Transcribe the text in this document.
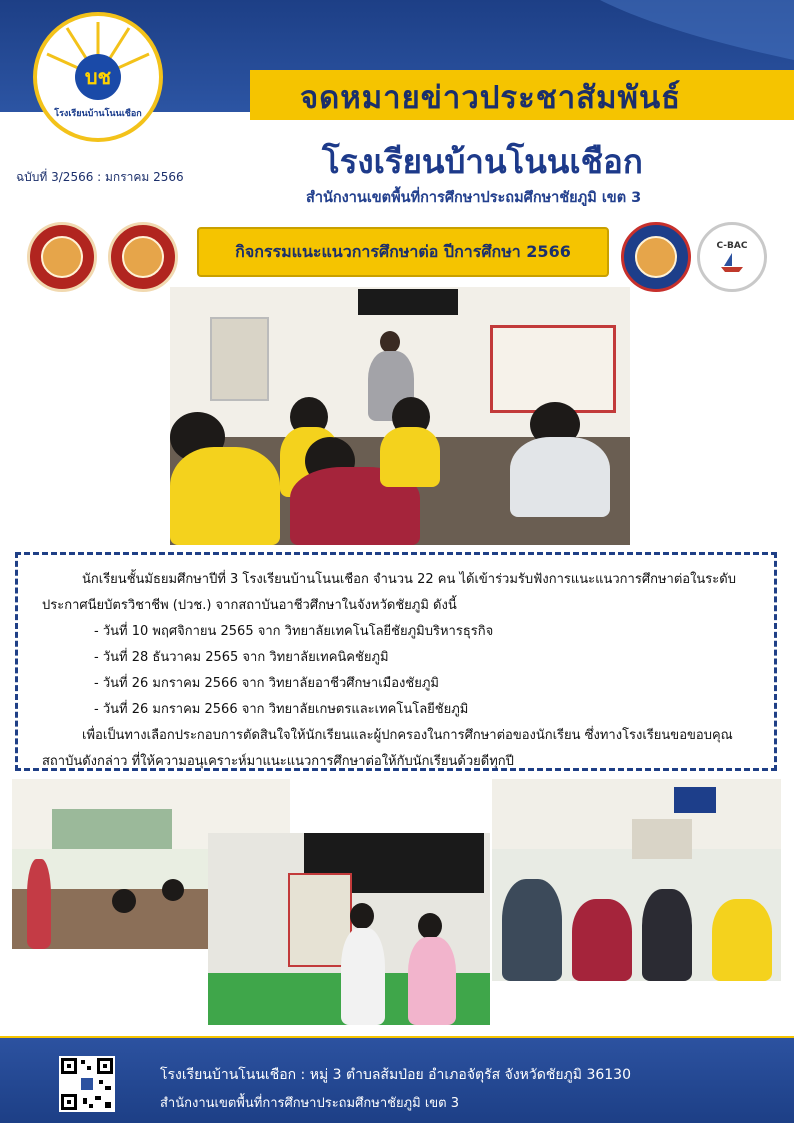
จดหมายข่าวประชาสัมพันธ์
โรงเรียนบ้านโนนเชือก
สำนักงานเขตพื้นที่การศึกษาประถมศึกษาชัยภูมิ เขต 3
ฉบับที่ 3/2566 : มกราคม 2566
บช
โรงเรียนบ้านโนนเชือก
กิจกรรมแนะแนวการศึกษาต่อ ปีการศึกษา 2566	C-BAC

นักเรียนชั้นมัธยมศึกษาปีที่ 3 โรงเรียนบ้านโนนเชือก จำนวน 22 คน ได้เข้าร่วมรับฟังการแนะแนวการศึกษาต่อในระดับประกาศนียบัตรวิชาชีพ (ปวช.) จากสถาบันอาชีวศึกษาในจังหวัดชัยภูมิ ดังนี้

- วันที่ 10 พฤศจิกายน 2565 จาก วิทยาลัยเทคโนโลยีชัยภูมิบริหารธุรกิจ

- วันที่ 28 ธันวาคม 2565 จาก วิทยาลัยเทคนิคชัยภูมิ

- วันที่ 26 มกราคม 2566 จาก วิทยาลัยอาชีวศึกษาเมืองชัยภูมิ

- วันที่ 26 มกราคม 2566 จาก วิทยาลัยเกษตรและเทคโนโลยีชัยภูมิ

เพื่อเป็นทางเลือกประกอบการตัดสินใจให้นักเรียนและผู้ปกครองในการศึกษาต่อของนักเรียน ซึ่งทางโรงเรียนขอขอบคุณสถาบันดังกล่าว ที่ให้ความอนุเคราะห์มาแนะแนวการศึกษาต่อให้กับนักเรียนด้วยดีทุกปี

โรงเรียนบ้านโนนเชือก : หมู่ 3 ตำบลส้มป่อย อำเภอจัตุรัส จังหวัดชัยภูมิ 36130
สำนักงานเขตพื้นที่การศึกษาประถมศึกษาชัยภูมิ เขต 3
